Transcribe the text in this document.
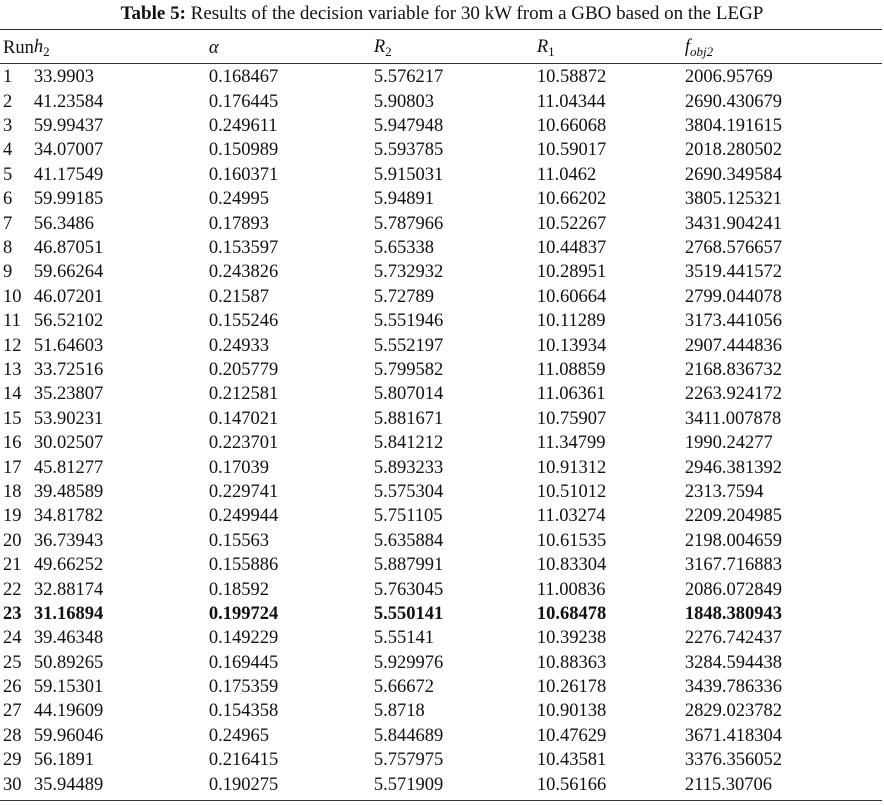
Table 5: Results of the decision variable for 30 kW from a GBO based on the LEGP
Run	$h_2$	α	$R_2$	$R_1$	$f_{obj2}$
1	33.9903	0.168467	5.576217	10.58872	2006.95769
2	41.23584	0.176445	5.90803	11.04344	2690.430679
3	59.99437	0.249611	5.947948	10.66068	3804.191615
4	34.07007	0.150989	5.593785	10.59017	2018.280502
5	41.17549	0.160371	5.915031	11.0462	2690.349584
6	59.99185	0.24995	5.94891	10.66202	3805.125321
7	56.3486	0.17893	5.787966	10.52267	3431.904241
8	46.87051	0.153597	5.65338	10.44837	2768.576657
9	59.66264	0.243826	5.732932	10.28951	3519.441572
10	46.07201	0.21587	5.72789	10.60664	2799.044078
11	56.52102	0.155246	5.551946	10.11289	3173.441056
12	51.64603	0.24933	5.552197	10.13934	2907.444836
13	33.72516	0.205779	5.799582	11.08859	2168.836732
14	35.23807	0.212581	5.807014	11.06361	2263.924172
15	53.90231	0.147021	5.881671	10.75907	3411.007878
16	30.02507	0.223701	5.841212	11.34799	1990.24277
17	45.81277	0.17039	5.893233	10.91312	2946.381392
18	39.48589	0.229741	5.575304	10.51012	2313.7594
19	34.81782	0.249944	5.751105	11.03274	2209.204985
20	36.73943	0.15563	5.635884	10.61535	2198.004659
21	49.66252	0.155886	5.887991	10.83304	3167.716883
22	32.88174	0.18592	5.763045	11.00836	2086.072849
23	31.16894	0.199724	5.550141	10.68478	1848.380943
24	39.46348	0.149229	5.55141	10.39238	2276.742437
25	50.89265	0.169445	5.929976	10.88363	3284.594438
26	59.15301	0.175359	5.66672	10.26178	3439.786336
27	44.19609	0.154358	5.8718	10.90138	2829.023782
28	59.96046	0.24965	5.844689	10.47629	3671.418304
29	56.1891	0.216415	5.757975	10.43581	3376.356052
30	35.94489	0.190275	5.571909	10.56166	2115.30706
